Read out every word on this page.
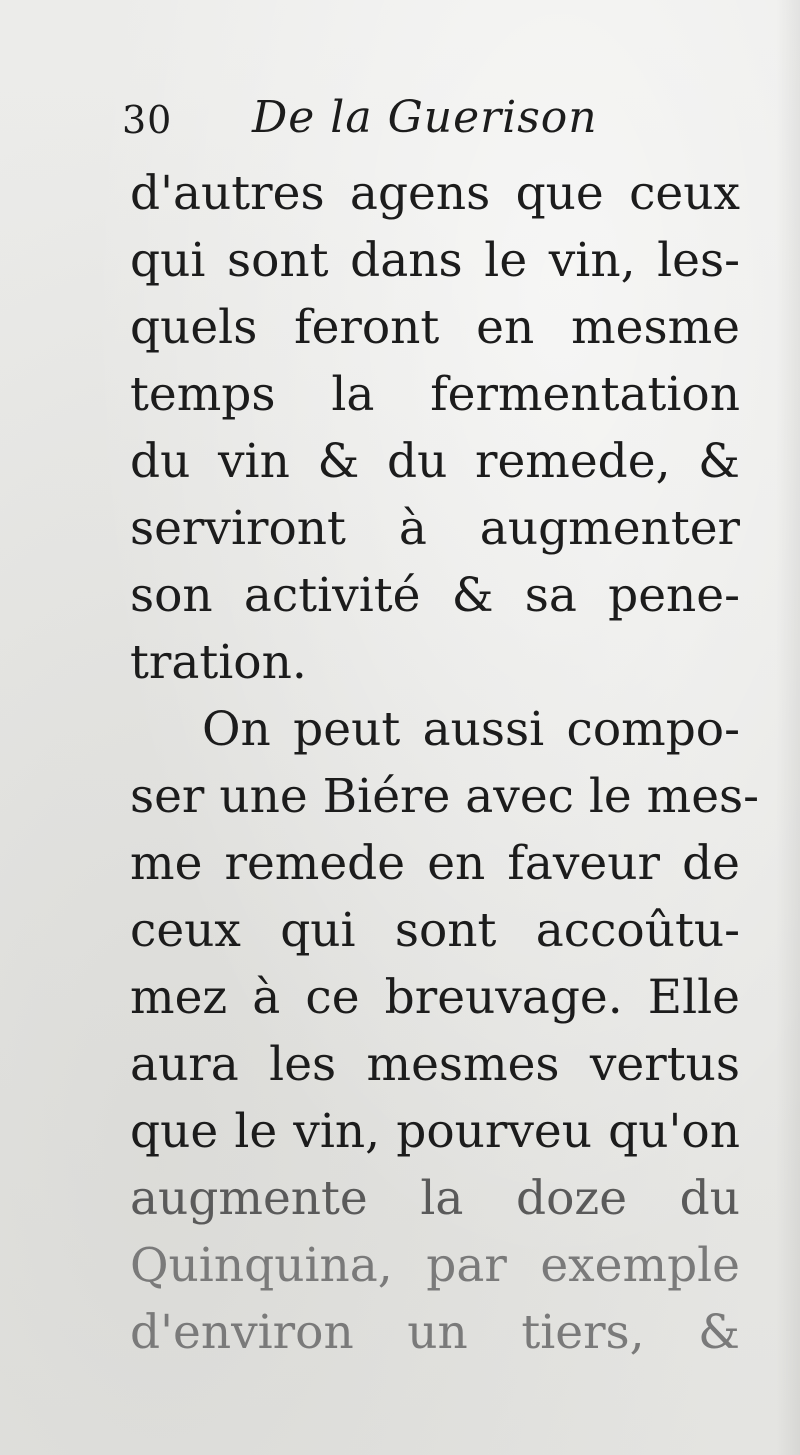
30 De la Guerison
d'autres agens que ceux
qui sont dans le vin, les-
quels feront en mesme
temps la fermentation
du vin & du remede, &
serviront à augmenter
son activité & sa pene-
tration.
On peut aussi compo-
ser une Biére avec le mes-
me remede en faveur de
ceux qui sont accoûtu-
mez à ce breuvage. Elle
aura les mesmes vertus
que le vin, pourveu qu'on
augmente la doze du
Quinquina, par exemple
d'environ un tiers, &
